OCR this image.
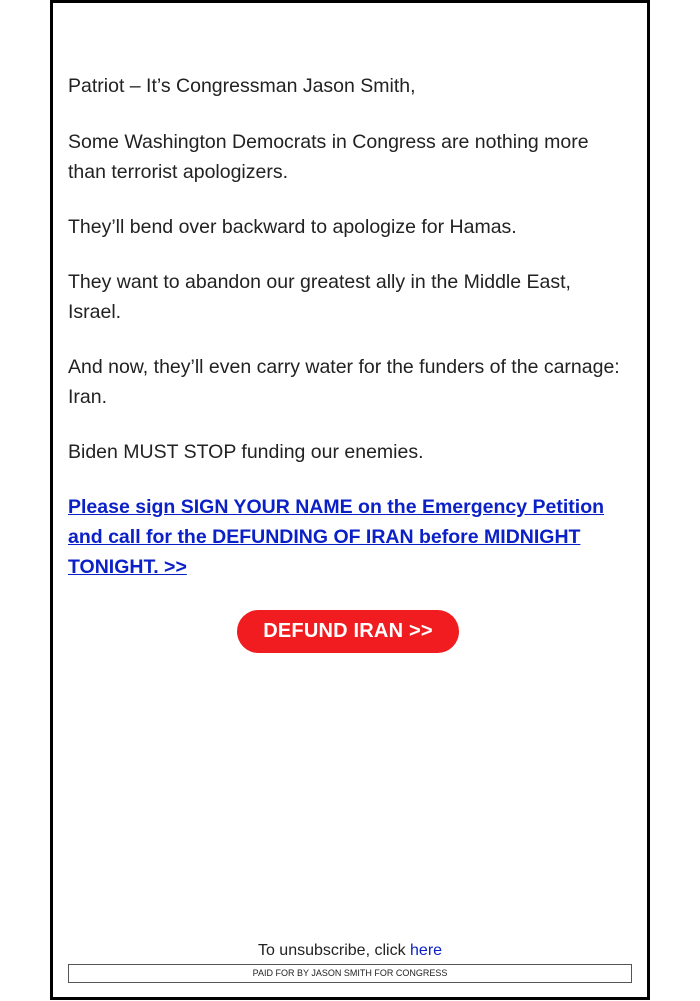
Patriot – It’s Congressman Jason Smith,

Some Washington Democrats in Congress are nothing more than terrorist apologizers.

They’ll bend over backward to apologize for Hamas.

They want to abandon our greatest ally in the Middle East, Israel.

And now, they’ll even carry water for the funders of the carnage: Iran.

Biden MUST STOP funding our enemies.

Please sign SIGN YOUR NAME on the Emergency Petition and call for the DEFUNDING OF IRAN before MIDNIGHT TONIGHT. >>
DEFUND IRAN >>
To unsubscribe, click here
PAID FOR BY JASON SMITH FOR CONGRESS
